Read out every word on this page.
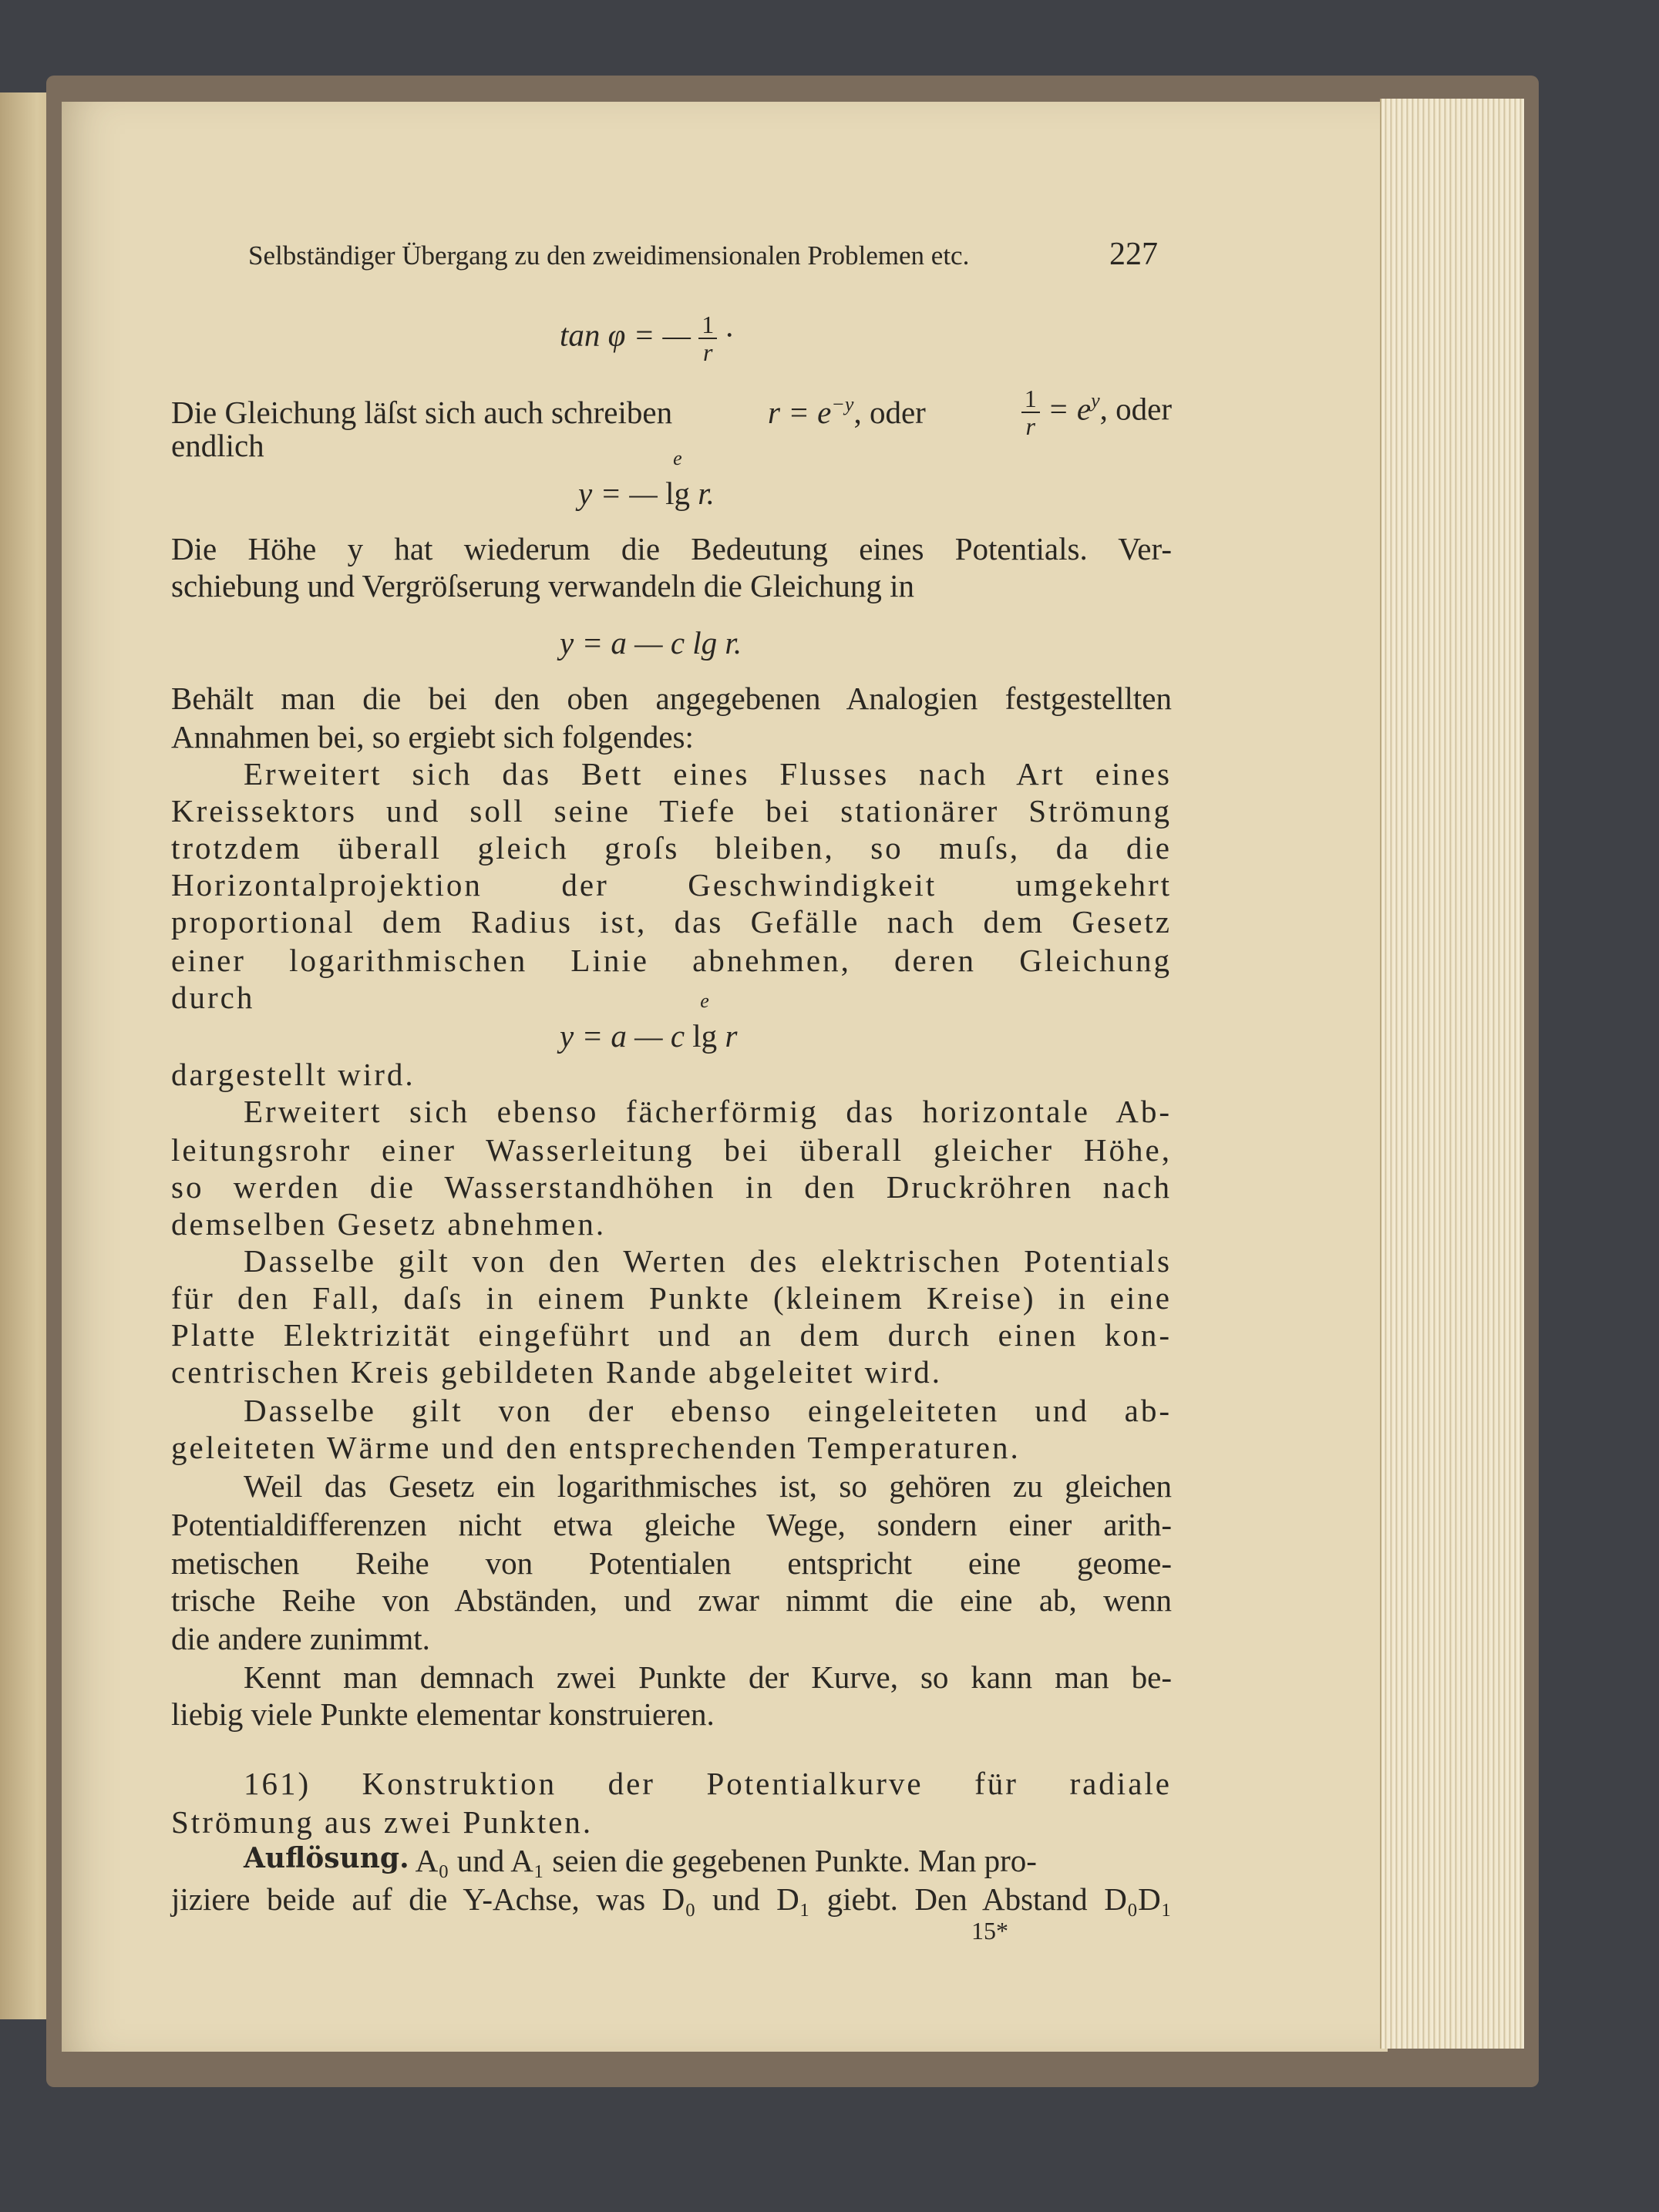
Selbständiger Übergang zu den zweidimensionalen Problemen etc.	227
tan φ = — $\frac{1}{r}$ ·
Die Gleichung läſst sich auch schreiben	$r = e^{-y}$, oder	$\frac{1}{r} = e^y$, oder
endlich
y = —
e
lg r.
Die Höhe y hat wiederum die Bedeutung eines Potentials. Ver-
schiebung und Vergröſserung verwandeln die Gleichung in
y = a — c lg r.
Behält man die bei den oben angegebenen Analogien festgestellten
Annahmen bei, so ergiebt sich folgendes:
Erweitert sich das Bett eines Flusses nach Art eines
Kreissektors und soll seine Tiefe bei stationärer Strömung
trotzdem überall gleich groſs bleiben, so muſs, da die
Horizontalprojektion der Geschwindigkeit umgekehrt
proportional dem Radius ist, das Gefälle nach dem Gesetz
einer logarithmischen Linie abnehmen, deren Gleichung
durch
y = a — c
e
lg r
dargestellt wird.
Erweitert sich ebenso fächerförmig das horizontale Ab-
leitungsrohr einer Wasserleitung bei überall gleicher Höhe,
so werden die Wasserstandhöhen in den Druckröhren nach
demselben Gesetz abnehmen.
Dasselbe gilt von den Werten des elektrischen Potentials
für den Fall, daſs in einem Punkte (kleinem Kreise) in eine
Platte Elektrizität eingeführt und an dem durch einen kon-
centrischen Kreis gebildeten Rande abgeleitet wird.
Dasselbe gilt von der ebenso eingeleiteten und ab-
geleiteten Wärme und den entsprechenden Temperaturen.
Weil das Gesetz ein logarithmisches ist, so gehören zu gleichen
Potentialdifferenzen nicht etwa gleiche Wege, sondern einer arith-
metischen Reihe von Potentialen entspricht eine geome-
trische Reihe von Abständen, und zwar nimmt die eine ab, wenn
die andere zunimmt.
Kennt man demnach zwei Punkte der Kurve, so kann man be-
liebig viele Punkte elementar konstruieren.
161) Konstruktion der Potentialkurve für radiale
Strömung aus zwei Punkten.
Auflösung. A₀ und A₁ seien die gegebenen Punkte. Man pro-
jiziere beide auf die Y-Achse, was D₀ und D₁ giebt. Den Abstand D₀D₁
15*
